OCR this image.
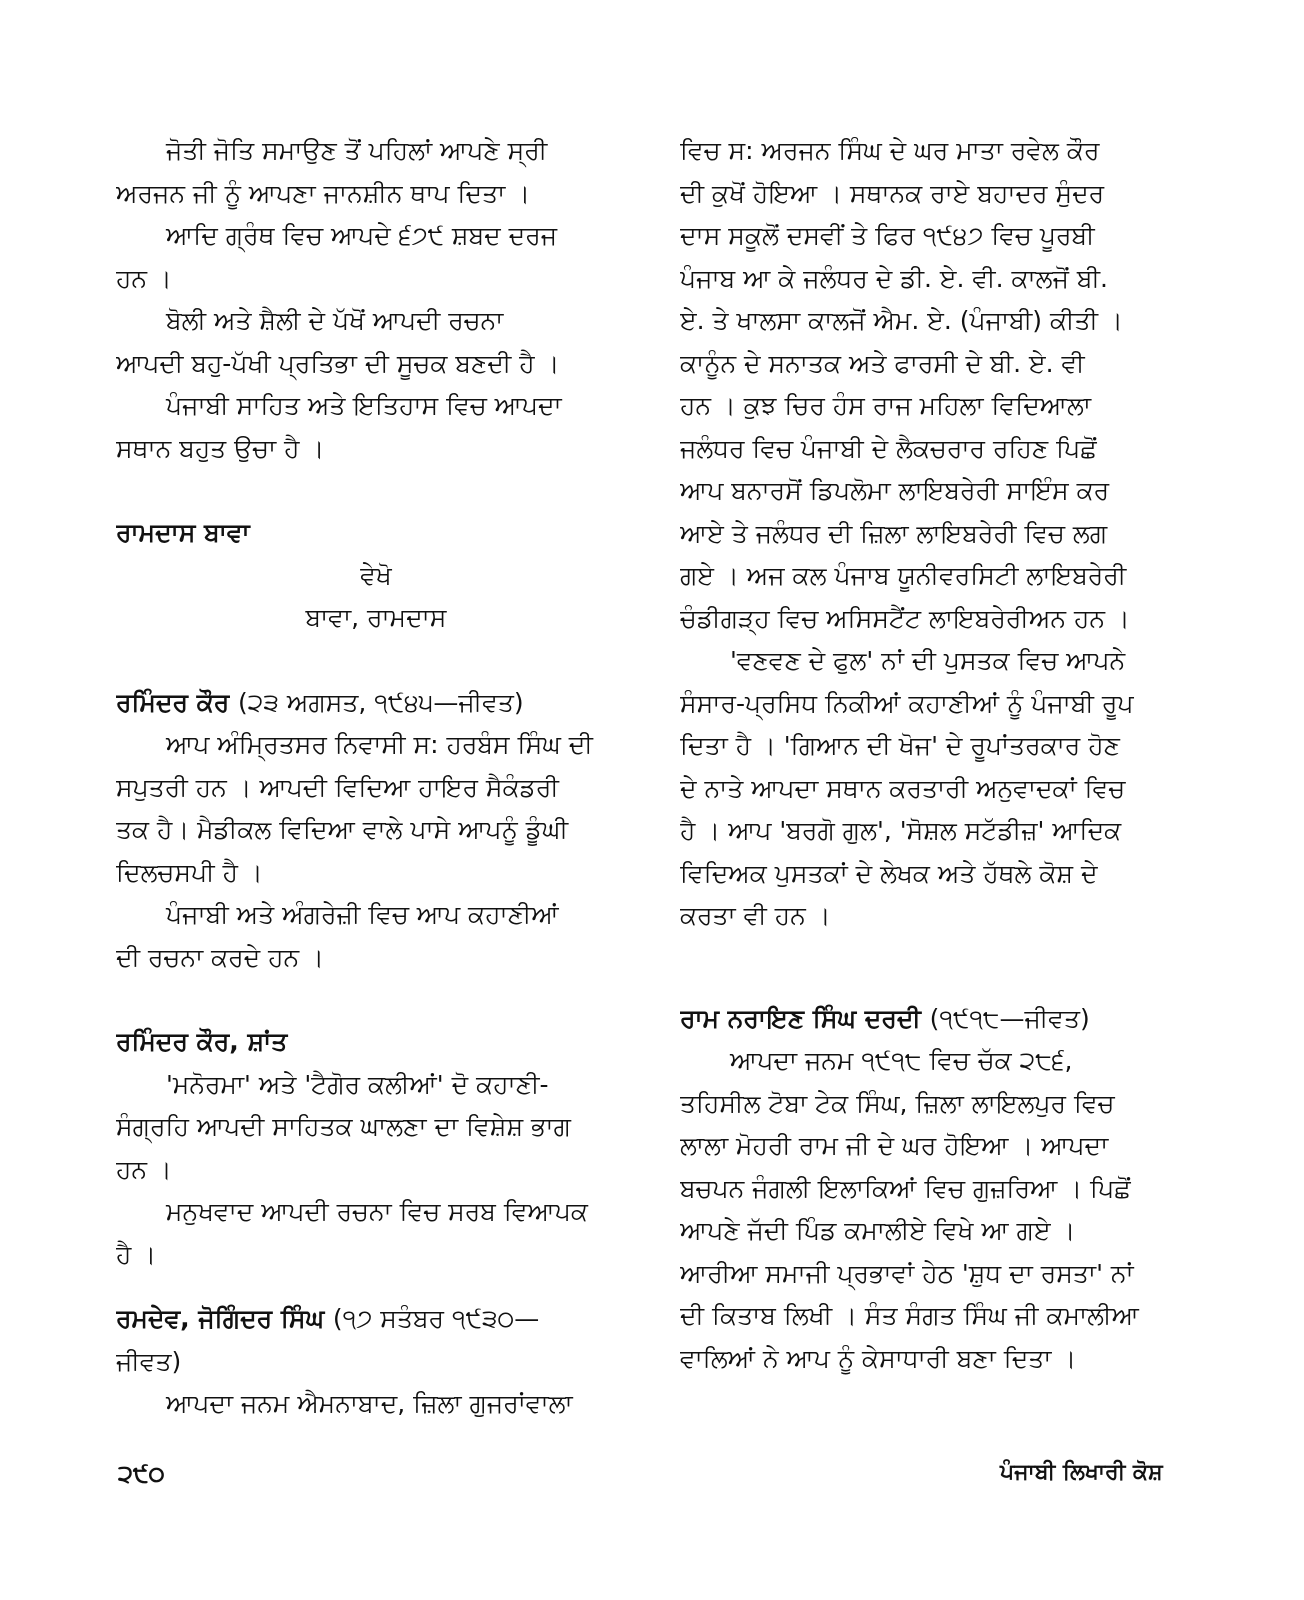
ਜੋਤੀ ਜੋਤਿ ਸਮਾਉਣ ਤੋਂ ਪਹਿਲਾਂ ਆਪਣੇ ਸ੍ਰੀ
ਅਰਜਨ ਜੀ ਨੂੰ ਆਪਣਾ ਜਾਨਸ਼ੀਨ ਥਾਪ ਦਿਤਾ ।
ਆਦਿ ਗ੍ਰੰਥ ਵਿਚ ਆਪਦੇ ੬੭੯ ਸ਼ਬਦ ਦਰਜ
ਹਨ ।
ਬੋਲੀ ਅਤੇ ਸ਼ੈਲੀ ਦੇ ਪੱਖੋਂ ਆਪਦੀ ਰਚਨਾ
ਆਪਦੀ ਬਹੁ-ਪੱਖੀ ਪ੍ਰਤਿਭਾ ਦੀ ਸੂਚਕ ਬਣਦੀ ਹੈ ।
ਪੰਜਾਬੀ ਸਾਹਿਤ ਅਤੇ ਇਤਿਹਾਸ ਵਿਚ ਆਪਦਾ
ਸਥਾਨ ਬਹੁਤ ਉਚਾ ਹੈ ।
ਰਾਮਦਾਸ ਬਾਵਾ
ਵੇਖੋ
ਬਾਵਾ, ਰਾਮਦਾਸ
ਰਮਿੰਦਰ ਕੌਰ (੨੩ ਅਗਸਤ, ੧੯੪੫—ਜੀਵਤ)
ਆਪ ਅੰਮ੍ਰਿਤਸਰ ਨਿਵਾਸੀ ਸ: ਹਰਬੰਸ ਸਿੰਘ ਦੀ
ਸਪੁਤਰੀ ਹਨ । ਆਪਦੀ ਵਿਦਿਆ ਹਾਇਰ ਸੈਕੰਡਰੀ
ਤਕ ਹੈ। ਮੈਡੀਕਲ ਵਿਦਿਆ ਵਾਲੇ ਪਾਸੇ ਆਪਨੂੰ ਡੂੰਘੀ
ਦਿਲਚਸਪੀ ਹੈ ।
ਪੰਜਾਬੀ ਅਤੇ ਅੰਗਰੇਜ਼ੀ ਵਿਚ ਆਪ ਕਹਾਣੀਆਂ
ਦੀ ਰਚਨਾ ਕਰਦੇ ਹਨ ।
ਰਮਿੰਦਰ ਕੌਰ, ਸ਼ਾਂਤ
'ਮਨੋਰਮਾ' ਅਤੇ 'ਟੈਗੋਰ ਕਲੀਆਂ' ਦੋ ਕਹਾਣੀ-
ਸੰਗ੍ਰਹਿ ਆਪਦੀ ਸਾਹਿਤਕ ਘਾਲਣਾ ਦਾ ਵਿਸ਼ੇਸ਼ ਭਾਗ
ਹਨ ।
ਮਨੁਖਵਾਦ ਆਪਦੀ ਰਚਨਾ ਵਿਚ ਸਰਬ ਵਿਆਪਕ
ਹੈ ।
ਰਮਦੇਵ, ਜੋਗਿੰਦਰ ਸਿੰਘ (੧੭ ਸਤੰਬਰ ੧੯੩੦—
ਜੀਵਤ)
ਆਪਦਾ ਜਨਮ ਐਮਨਾਬਾਦ, ਜ਼ਿਲਾ ਗੁਜਰਾਂਵਾਲਾ
ਵਿਚ ਸ: ਅਰਜਨ ਸਿੰਘ ਦੇ ਘਰ ਮਾਤਾ ਰਵੇਲ ਕੌਰ
ਦੀ ਕੁਖੋਂ ਹੋਇਆ । ਸਥਾਨਕ ਰਾਏ ਬਹਾਦਰ ਸੁੰਦਰ
ਦਾਸ ਸਕੂਲੋਂ ਦਸਵੀਂ ਤੇ ਫਿਰ ੧੯੪੭ ਵਿਚ ਪੂਰਬੀ
ਪੰਜਾਬ ਆ ਕੇ ਜਲੰਧਰ ਦੇ ਡੀ. ਏ. ਵੀ. ਕਾਲਜੋਂ ਬੀ.
ਏ. ਤੇ ਖਾਲਸਾ ਕਾਲਜੋਂ ਐਮ. ਏ. (ਪੰਜਾਬੀ) ਕੀਤੀ ।
ਕਾਨੂੰਨ ਦੇ ਸਨਾਤਕ ਅਤੇ ਫਾਰਸੀ ਦੇ ਬੀ. ਏ. ਵੀ
ਹਨ । ਕੁਝ ਚਿਰ ਹੰਸ ਰਾਜ ਮਹਿਲਾ ਵਿਦਿਆਲਾ
ਜਲੰਧਰ ਵਿਚ ਪੰਜਾਬੀ ਦੇ ਲੈਕਚਰਾਰ ਰਹਿਣ ਪਿਛੋਂ
ਆਪ ਬਨਾਰਸੋਂ ਡਿਪਲੋਮਾ ਲਾਇਬਰੇਰੀ ਸਾਇੰਸ ਕਰ
ਆਏ ਤੇ ਜਲੰਧਰ ਦੀ ਜ਼ਿਲਾ ਲਾਇਬਰੇਰੀ ਵਿਚ ਲਗ
ਗਏ । ਅਜ ਕਲ ਪੰਜਾਬ ਯੂਨੀਵਰਸਿਟੀ ਲਾਇਬਰੇਰੀ
ਚੰਡੀਗੜ੍ਹ ਵਿਚ ਅਸਿਸਟੈਂਟ ਲਾਇਬਰੇਰੀਅਨ ਹਨ ।
'ਵਣਵਣ ਦੇ ਫੁਲ' ਨਾਂ ਦੀ ਪੁਸਤਕ ਵਿਚ ਆਪਨੇ
ਸੰਸਾਰ-ਪ੍ਰਸਿਧ ਨਿਕੀਆਂ ਕਹਾਣੀਆਂ ਨੂੰ ਪੰਜਾਬੀ ਰੂਪ
ਦਿਤਾ ਹੈ । 'ਗਿਆਨ ਦੀ ਖੋਜ' ਦੇ ਰੂਪਾਂਤਰਕਾਰ ਹੋਣ
ਦੇ ਨਾਤੇ ਆਪਦਾ ਸਥਾਨ ਕਰਤਾਰੀ ਅਨੁਵਾਦਕਾਂ ਵਿਚ
ਹੈ । ਆਪ 'ਬਰਗੋ ਗੁਲ', 'ਸੋਸ਼ਲ ਸਟੱਡੀਜ਼' ਆਦਿਕ
ਵਿਦਿਅਕ ਪੁਸਤਕਾਂ ਦੇ ਲੇਖਕ ਅਤੇ ਹੱਥਲੇ ਕੋਸ਼ ਦੇ
ਕਰਤਾ ਵੀ ਹਨ ।
ਰਾਮ ਨਰਾਇਣ ਸਿੰਘ ਦਰਦੀ (੧੯੧੮—ਜੀਵਤ)
ਆਪਦਾ ਜਨਮ ੧੯੧੮ ਵਿਚ ਚੱਕ ੨੮੬,
ਤਹਿਸੀਲ ਟੋਬਾ ਟੇਕ ਸਿੰਘ, ਜ਼ਿਲਾ ਲਾਇਲਪੁਰ ਵਿਚ
ਲਾਲਾ ਮੋਹਰੀ ਰਾਮ ਜੀ ਦੇ ਘਰ ਹੋਇਆ । ਆਪਦਾ
ਬਚਪਨ ਜੰਗਲੀ ਇਲਾਕਿਆਂ ਵਿਚ ਗੁਜ਼ਰਿਆ । ਪਿਛੋਂ
ਆਪਣੇ ਜੱਦੀ ਪਿੰਡ ਕਮਾਲੀਏ ਵਿਖੇ ਆ ਗਏ ।
ਆਰੀਆ ਸਮਾਜੀ ਪ੍ਰਭਾਵਾਂ ਹੇਠ 'ਸ਼ੁਧ ਦਾ ਰਸਤਾ' ਨਾਂ
ਦੀ ਕਿਤਾਬ ਲਿਖੀ । ਸੰਤ ਸੰਗਤ ਸਿੰਘ ਜੀ ਕਮਾਲੀਆ
ਵਾਲਿਆਂ ਨੇ ਆਪ ਨੂੰ ਕੇਸਾਧਾਰੀ ਬਣਾ ਦਿਤਾ ।
੨੯੦	ਪੰਜਾਬੀ ਲਿਖਾਰੀ ਕੋਸ਼
